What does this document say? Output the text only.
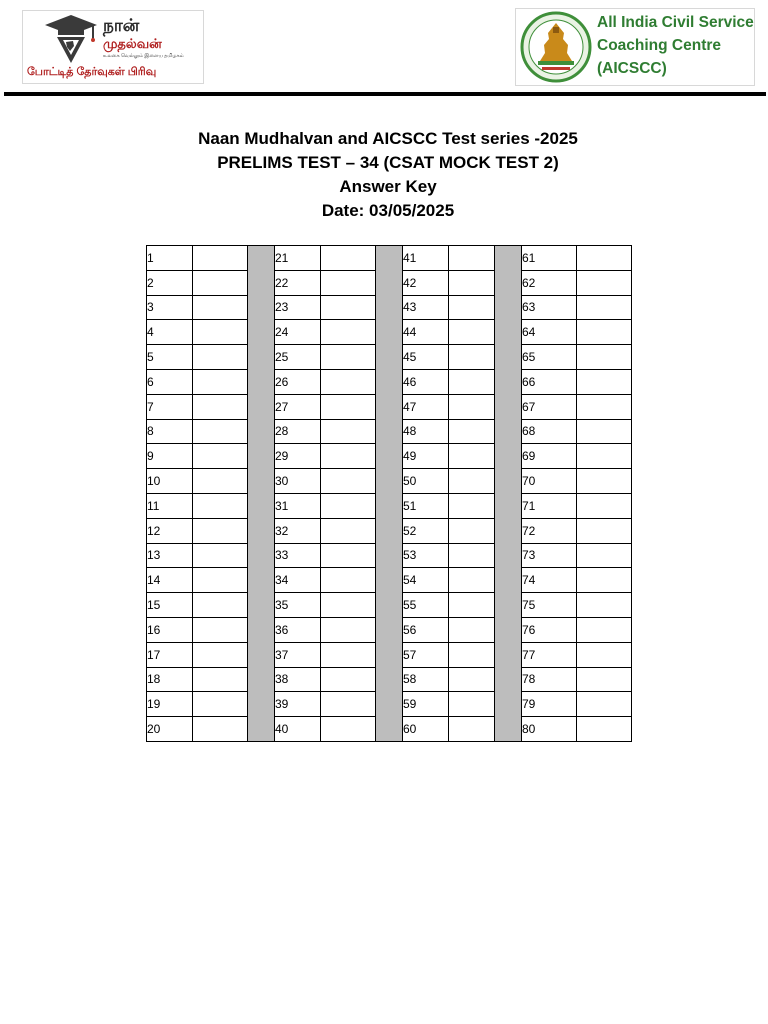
நான்
முதல்வன்
உலகை வெல்லும் இளைய தமிழகம்
போட்டித் தேர்வுகள் பிரிவு
All India Civil Service
Coaching Centre
(AICSCC)
Naan Mudhalvan and AICSCC Test series -2025
PRELIMS TEST – 34 (CSAT MOCK TEST 2)
Answer Key
Date: 03/05/2025
1			21			41			61	
2			22			42			62	
3			23			43			63	
4			24			44			64	
5			25			45			65	
6			26			46			66	
7			27			47			67	
8			28			48			68	
9			29			49			69	
10			30			50			70	
11			31			51			71	
12			32			52			72	
13			33			53			73	
14			34			54			74	
15			35			55			75	
16			36			56			76	
17			37			57			77	
18			38			58			78	
19			39			59			79	
20			40			60			80	
